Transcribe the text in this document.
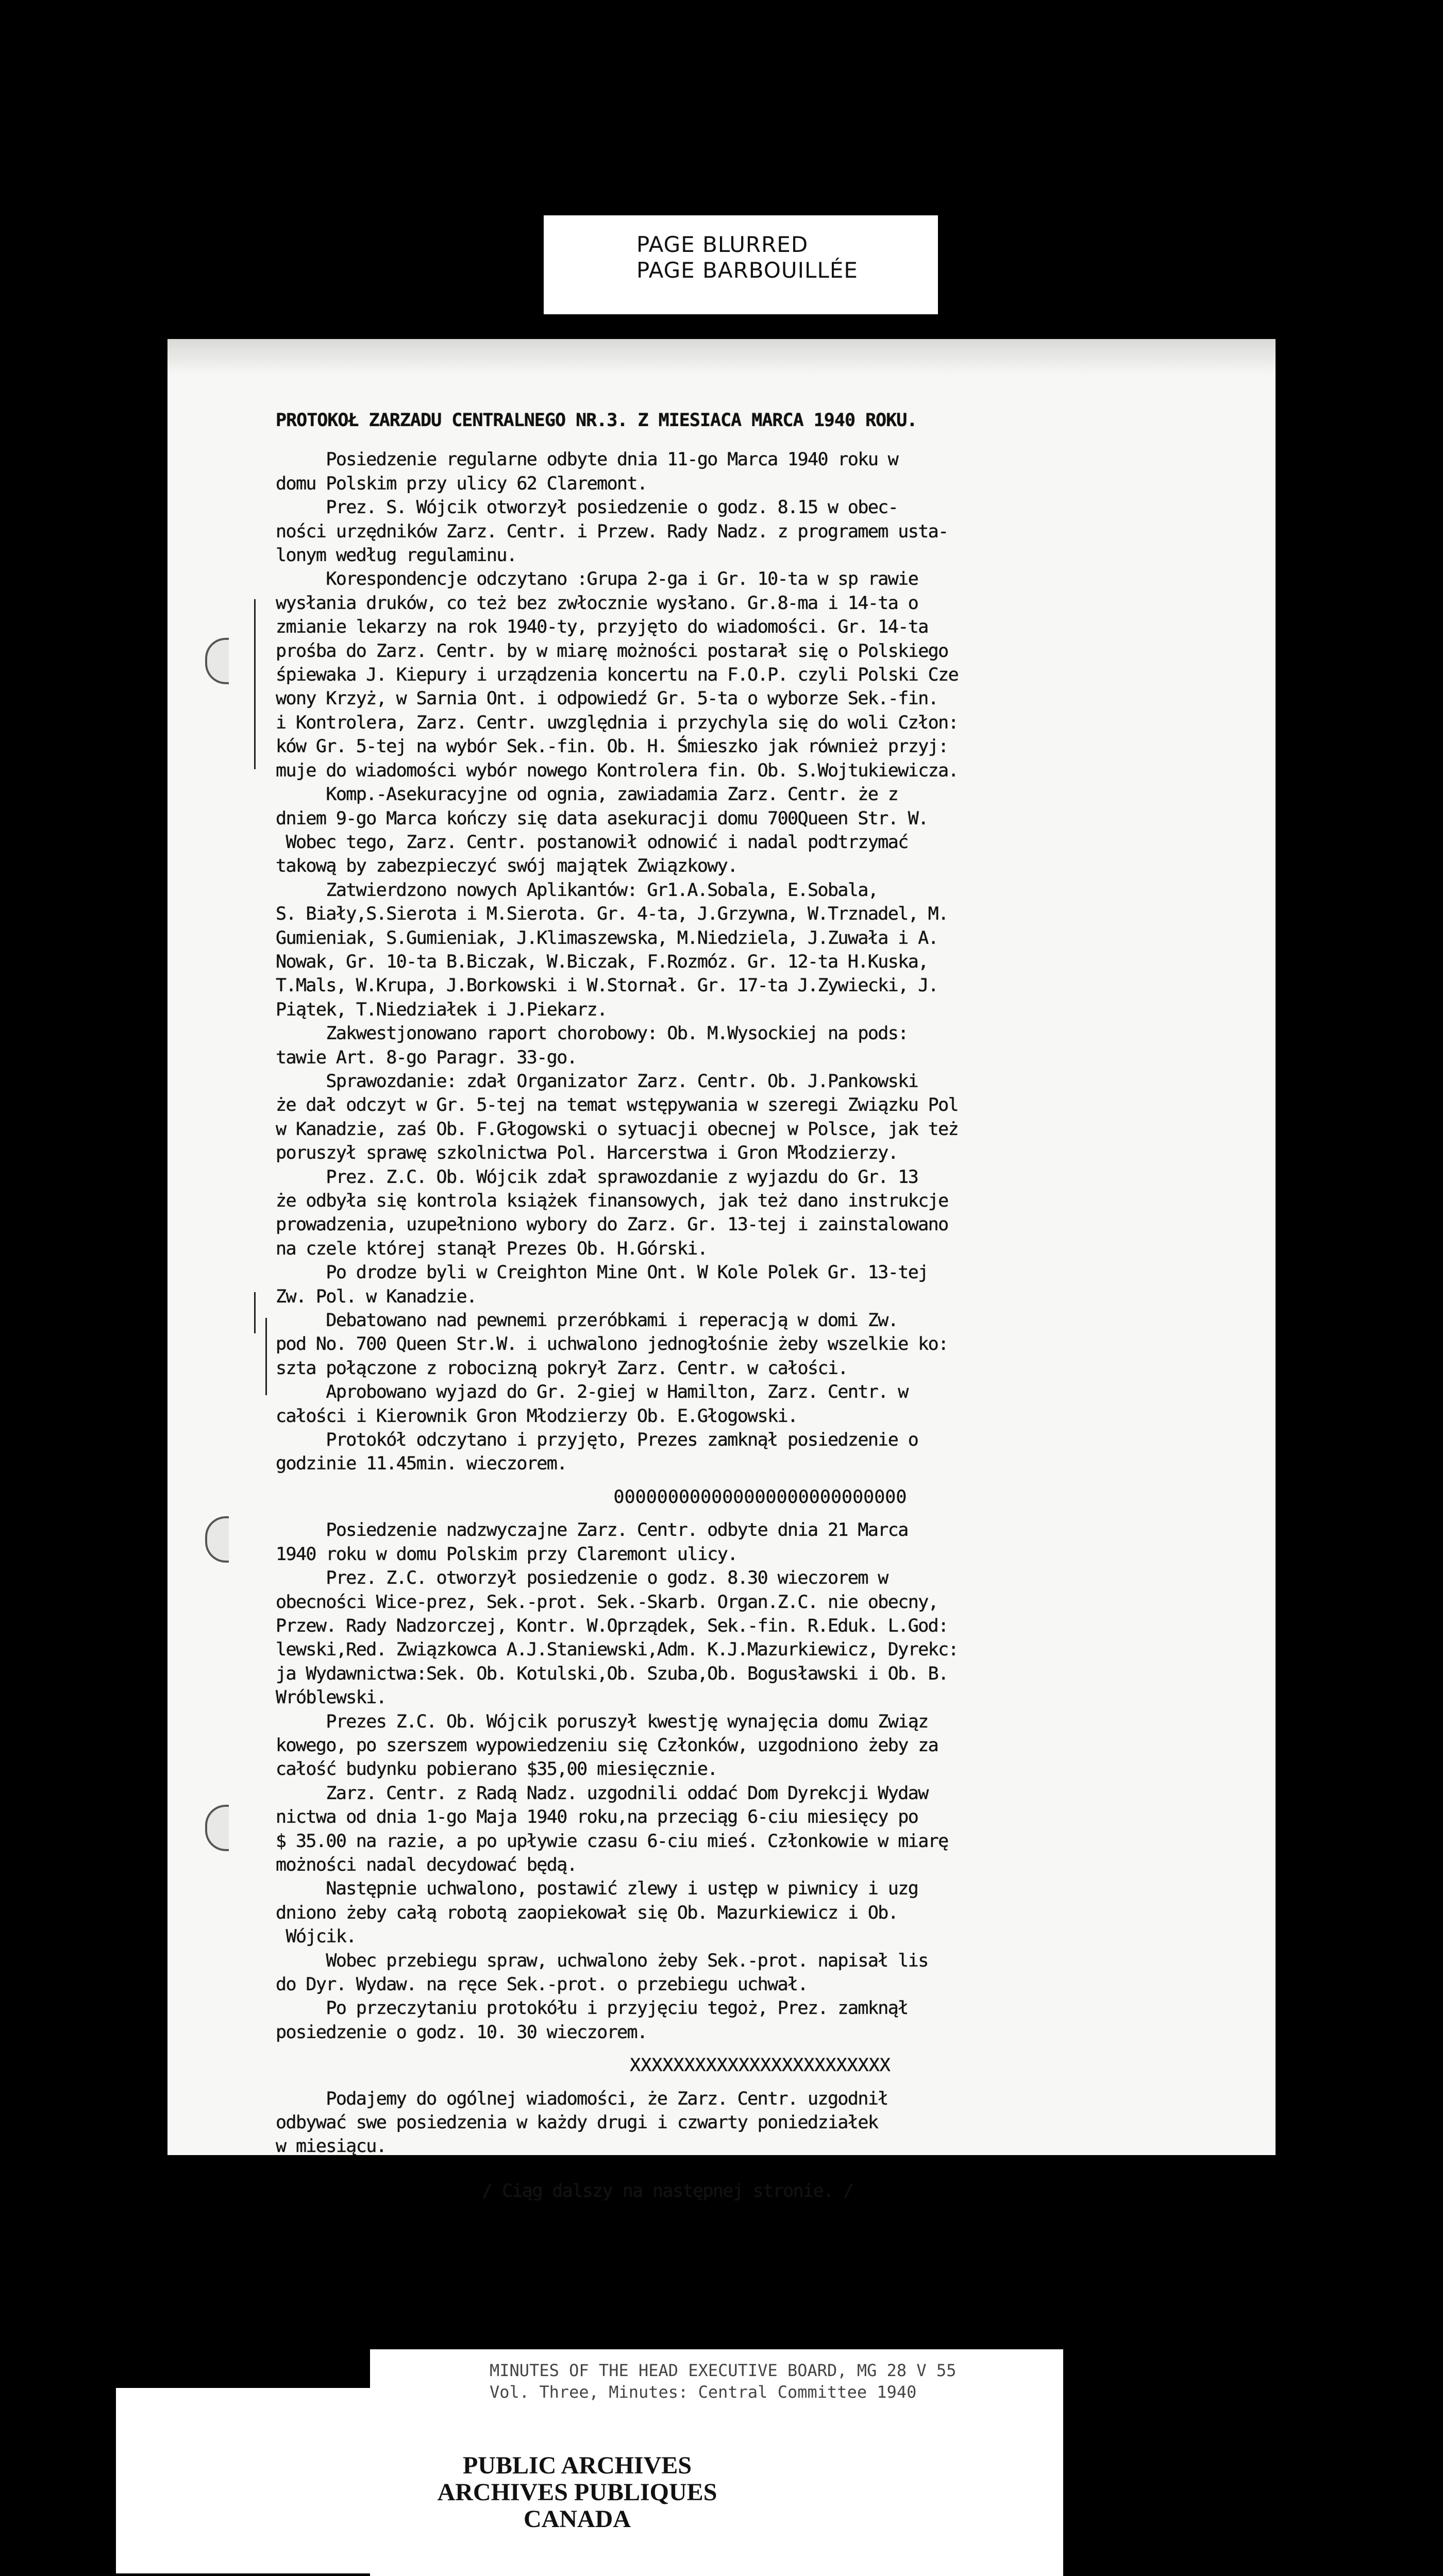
PAGE BLURRED
PAGE BARBOUILLÉE
PROTOKOŁ ZARZADU CENTRALNEGO NR.3. Z MIESIACA MARCA 1940 ROKU.
Posiedzenie regularne odbyte dnia 11-go Marca 1940 roku w
domu Polskim przy ulicy 62 Claremont.
Prez. S. Wójcik otworzył posiedzenie o godz. 8.15 w obec-
ności urzędników Zarz. Centr. i Przew. Rady Nadz. z programem usta-
lonym według regulaminu.
Korespondencje odczytano :Grupa 2-ga i Gr. 10-ta w sp rawie
wysłania druków, co też bez zwłocznie wysłano. Gr.8-ma i 14-ta o
zmianie lekarzy na rok 1940-ty, przyjęto do wiadomości. Gr. 14-ta
prośba do Zarz. Centr. by w miarę możności postarał się o Polskiego
śpiewaka J. Kiepury i urządzenia koncertu na F.O.P. czyli Polski Cze
wony Krzyż, w Sarnia Ont. i odpowiedź Gr. 5-ta o wyborze Sek.-fin.
i Kontrolera, Zarz. Centr. uwzględnia i przychyla się do woli Człon:
ków Gr. 5-tej na wybór Sek.-fin. Ob. H. Śmieszko jak również przyj:
muje do wiadomości wybór nowego Kontrolera fin. Ob. S.Wojtukiewicza.
Komp.-Asekuracyjne od ognia, zawiadamia Zarz. Centr. że z
dniem 9-go Marca kończy się data asekuracji domu 700Queen Str. W.
Wobec tego, Zarz. Centr. postanowił odnowić i nadal podtrzymać
takową by zabezpieczyć swój majątek Związkowy.
Zatwierdzono nowych Aplikantów: Gr1.A.Sobala, E.Sobala,
S. Biały,S.Sierota i M.Sierota. Gr. 4-ta, J.Grzywna, W.Trznadel, M.
Gumieniak, S.Gumieniak, J.Klimaszewska, M.Niedziela, J.Zuwała i A.
Nowak, Gr. 10-ta B.Biczak, W.Biczak, F.Rozmóz. Gr. 12-ta H.Kuska,
T.Mals, W.Krupa, J.Borkowski i W.Stornał. Gr. 17-ta J.Zywiecki, J.
Piątek, T.Niedziałek i J.Piekarz.
Zakwestjonowano raport chorobowy: Ob. M.Wysockiej na pods:
tawie Art. 8-go Paragr. 33-go.
Sprawozdanie: zdał Organizator Zarz. Centr. Ob. J.Pankowski
że dał odczyt w Gr. 5-tej na temat wstępywania w szeregi Związku Pol
w Kanadzie, zaś Ob. F.Głogowski o sytuacji obecnej w Polsce, jak też
poruszył sprawę szkolnictwa Pol. Harcerstwa i Gron Młodzierzy.
Prez. Z.C. Ob. Wójcik zdał sprawozdanie z wyjazdu do Gr. 13
że odbyła się kontrola książek finansowych, jak też dano instrukcje
prowadzenia, uzupełniono wybory do Zarz. Gr. 13-tej i zainstalowano
na czele której stanął Prezes Ob. H.Górski.
Po drodze byli w Creighton Mine Ont. W Kole Polek Gr. 13-tej
Zw. Pol. w Kanadzie.
Debatowano nad pewnemi przeróbkami i reperacją w domi Zw.
pod No. 700 Queen Str.W. i uchwalono jednogłośnie żeby wszelkie ko:
szta połączone z robocizną pokrył Zarz. Centr. w całości.
Aprobowano wyjazd do Gr. 2-giej w Hamilton, Zarz. Centr. w
całości i Kierownik Gron Młodzierzy Ob. E.Głogowski.
Protokół odczytano i przyjęto, Prezes zamknął posiedzenie o
godzinie 11.45min. wieczorem.
000000000000000000000000000
Posiedzenie nadzwyczajne Zarz. Centr. odbyte dnia 21 Marca
1940 roku w domu Polskim przy Claremont ulicy.
Prez. Z.C. otworzył posiedzenie o godz. 8.30 wieczorem w
obecności Wice-prez, Sek.-prot. Sek.-Skarb. Organ.Z.C. nie obecny,
Przew. Rady Nadzorczej, Kontr. W.Oprządek, Sek.-fin. R.Eduk. L.God:
lewski,Red. Związkowca A.J.Staniewski,Adm. K.J.Mazurkiewicz, Dyrekc:
ja Wydawnictwa:Sek. Ob. Kotulski,Ob. Szuba,Ob. Bogusławski i Ob. B.
Wróblewski.
Prezes Z.C. Ob. Wójcik poruszył kwestję wynajęcia domu Związ
kowego, po szerszem wypowiedzeniu się Członków, uzgodniono żeby za
całość budynku pobierano $35,00 miesięcznie.
Zarz. Centr. z Radą Nadz. uzgodnili oddać Dom Dyrekcji Wydaw
nictwa od dnia 1-go Maja 1940 roku,na przeciąg 6-ciu miesięcy po
$ 35.00 na razie, a po upływie czasu 6-ciu mieś. Członkowie w miarę
możności nadal decydować będą.
Następnie uchwalono, postawić zlewy i ustęp w piwnicy i uzg
dniono żeby całą robotą zaopiekował się Ob. Mazurkiewicz i Ob.
Wójcik.
Wobec przebiegu spraw, uchwalono żeby Sek.-prot. napisał lis
do Dyr. Wydaw. na ręce Sek.-prot. o przebiegu uchwał.
Po przeczytaniu protokółu i przyjęciu tegoż, Prez. zamknął
posiedzenie o godz. 10. 30 wieczorem.
XXXXXXXXXXXXXXXXXXXXXXXX
Podajemy do ogólnej wiadomości, że Zarz. Centr. uzgodnił
odbywać swe posiedzenia w każdy drugi i czwarty poniedziałek
w miesiącu.
/ Ciąg dalszy na następnej stronie. /
MINUTES OF THE HEAD EXECUTIVE BOARD, MG 28 V 55
Vol. Three, Minutes: Central Committee 1940
PUBLIC ARCHIVES
ARCHIVES PUBLIQUES
CANADA
